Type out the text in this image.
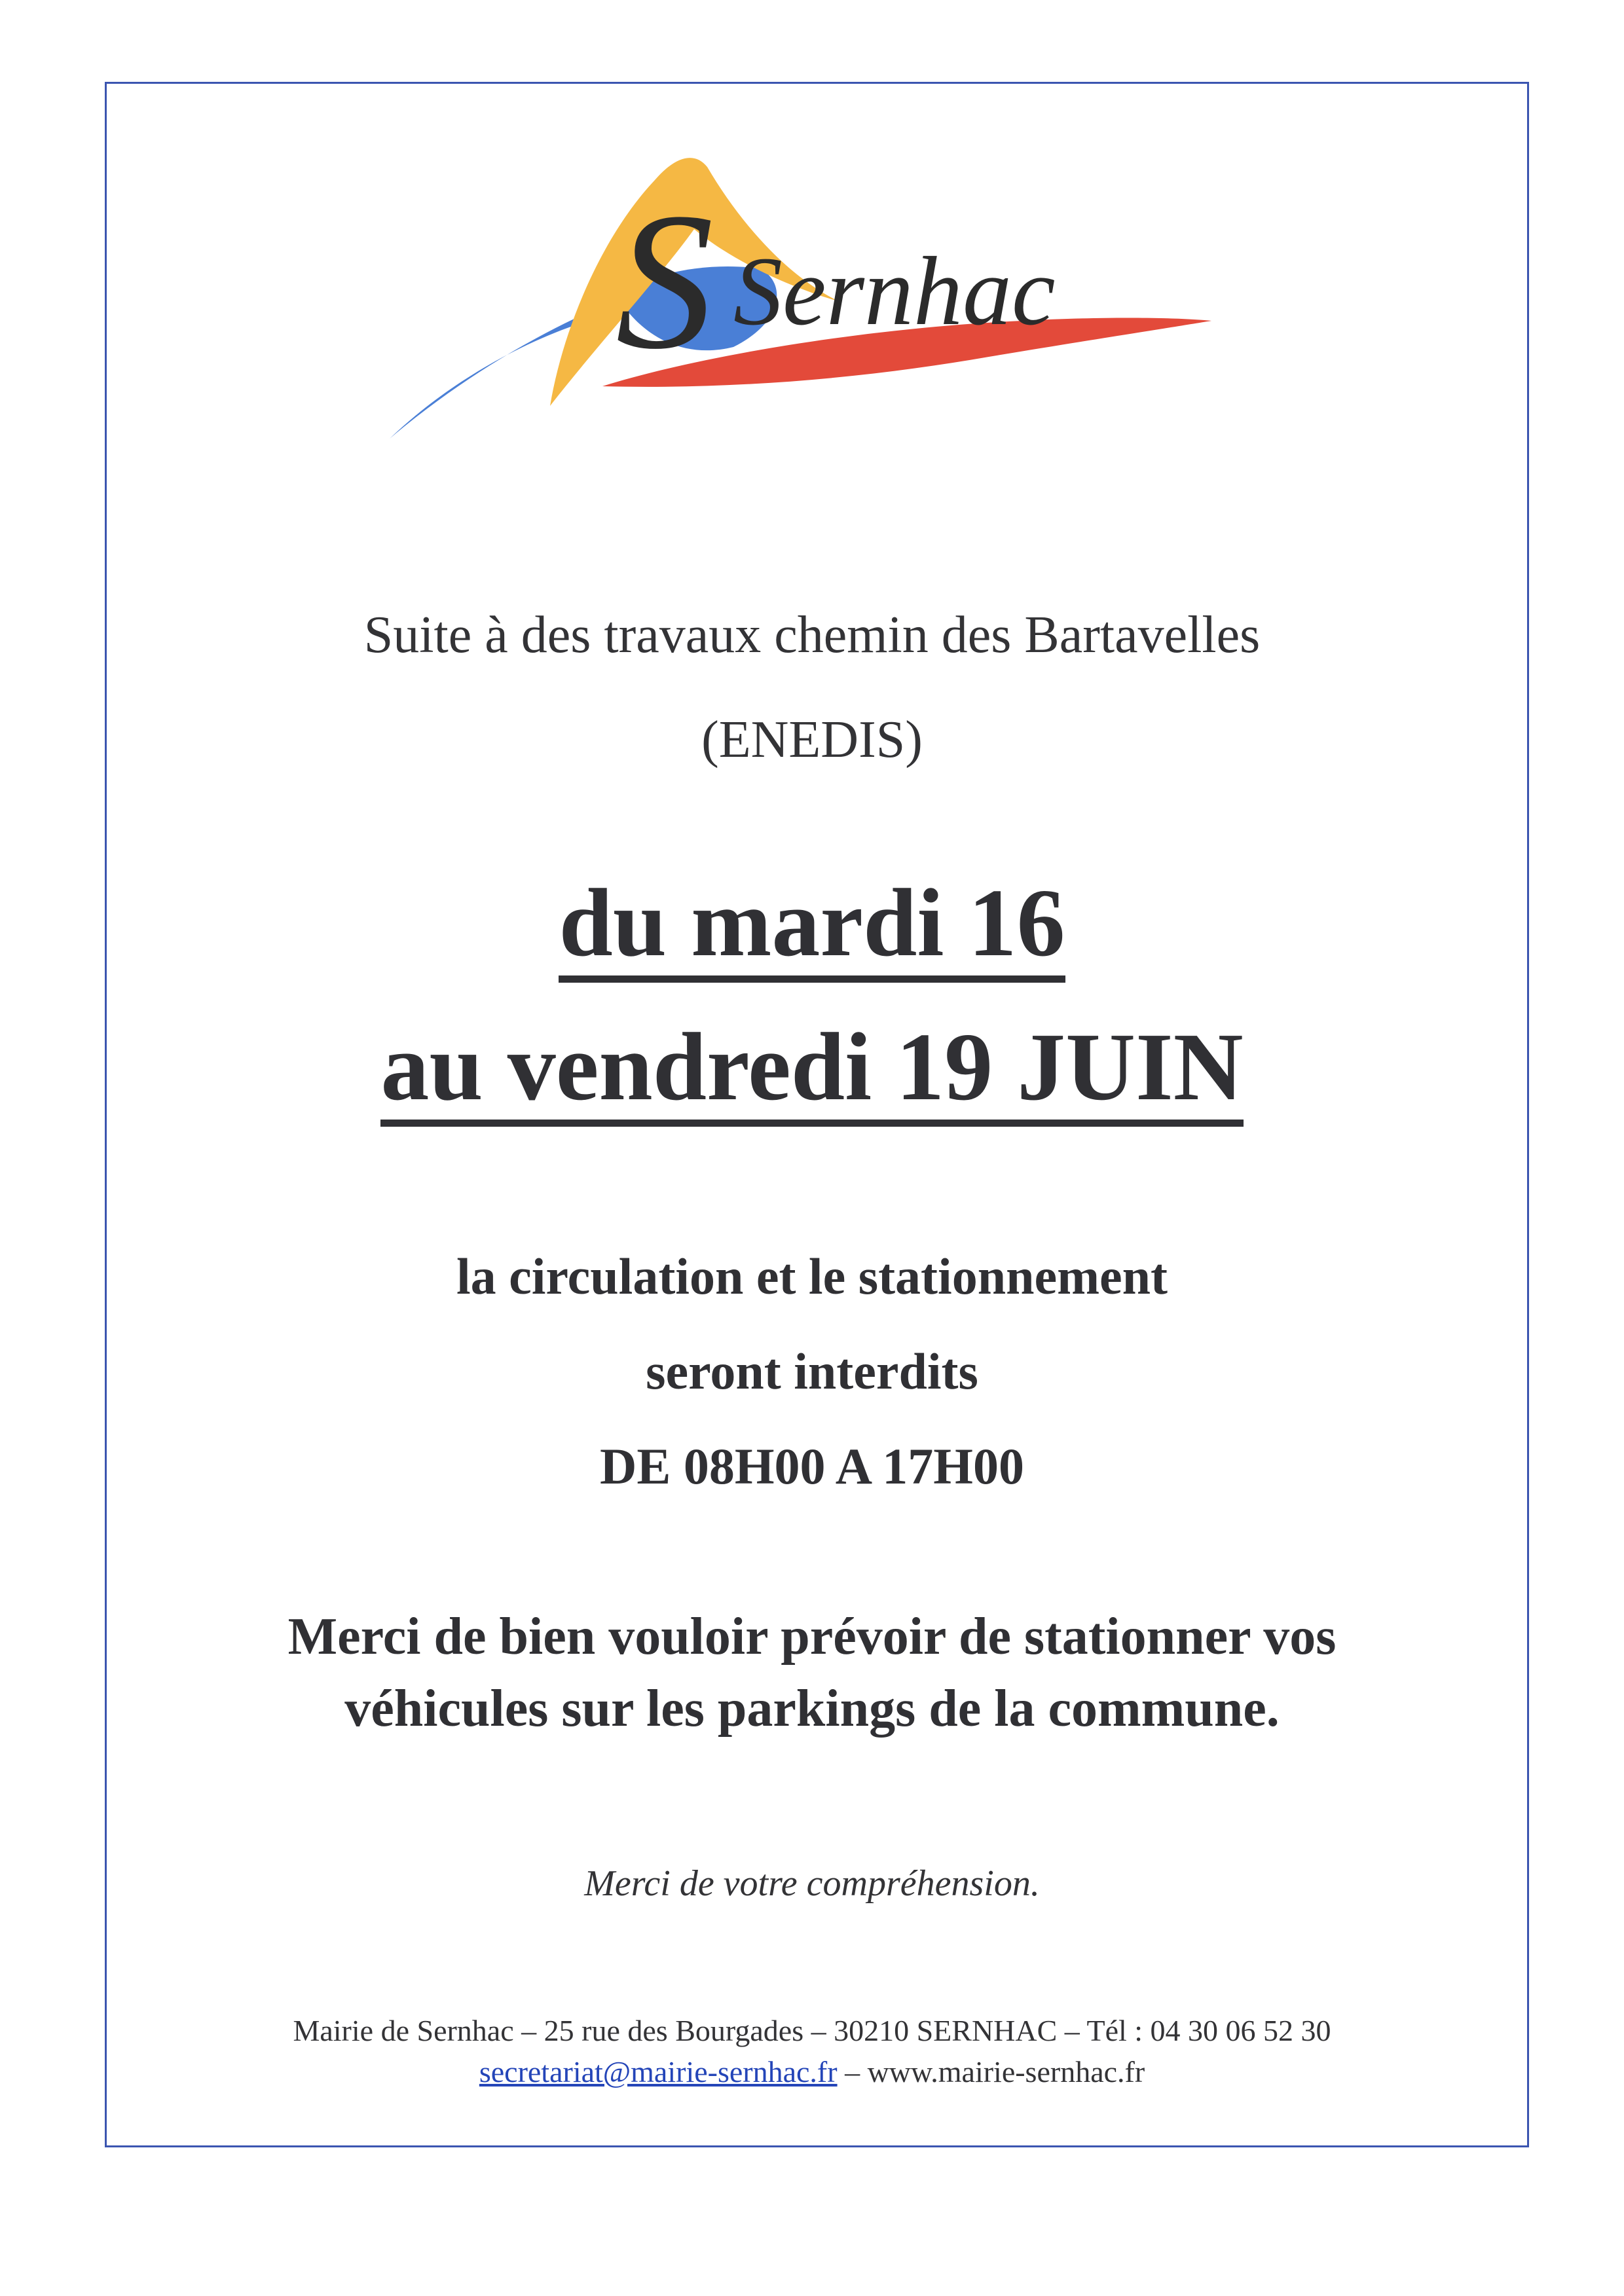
S Sernhac

Suite à des travaux chemin des Bartavelles

(ENEDIS)

du mardi 16

au vendredi 19 JUIN

la circulation et le stationnement

seront interdits

DE 08H00 A 17H00

Merci de bien vouloir prévoir de stationner vos

véhicules sur les parkings de la commune.

Merci de votre compréhension.

Mairie de Sernhac – 25 rue des Bourgades – 30210 SERNHAC – Tél : 04 30 06 52 30

secretariat@mairie-sernhac.fr – www.mairie-sernhac.fr
